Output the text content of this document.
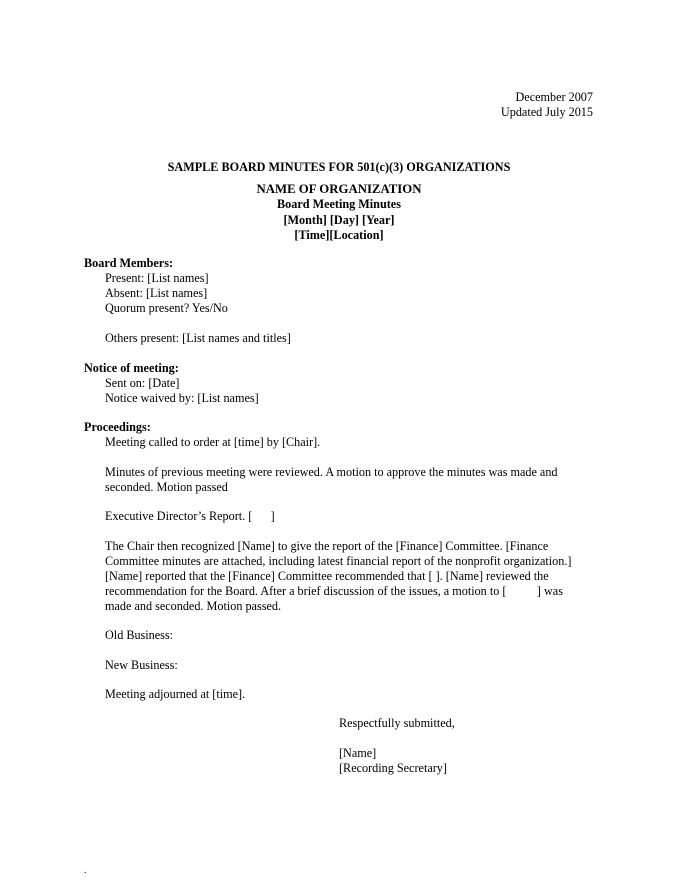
December 2007
Updated July 2015
SAMPLE BOARD MINUTES FOR 501(c)(3) ORGANIZATIONS
NAME OF ORGANIZATION
Board Meeting Minutes
[Month] [Day] [Year]
[Time][Location]
Board Members:
Present: [List names]
Absent: [List names]
Quorum present? Yes/No
Others present: [List names and titles]
Notice of meeting:
Sent on: [Date]
Notice waived by: [List names]
Proceedings:
Meeting called to order at [time] by [Chair].
Minutes of previous meeting were reviewed. A motion to approve the minutes was made and seconded. Motion passed
Executive Director’s Report. [      ]
The Chair then recognized [Name] to give the report of the [Finance] Committee. [Finance Committee minutes are attached, including latest financial report of the nonprofit organization.] [Name] reported that the [Finance] Committee recommended that [ ]. [Name] reviewed the recommendation for the Board. After a brief discussion of the issues, a motion to [          ] was made and seconded. Motion passed.
Old Business:
New Business:
Meeting adjourned at [time].
Respectfully submitted,
[Name]
[Recording Secretary]
.
